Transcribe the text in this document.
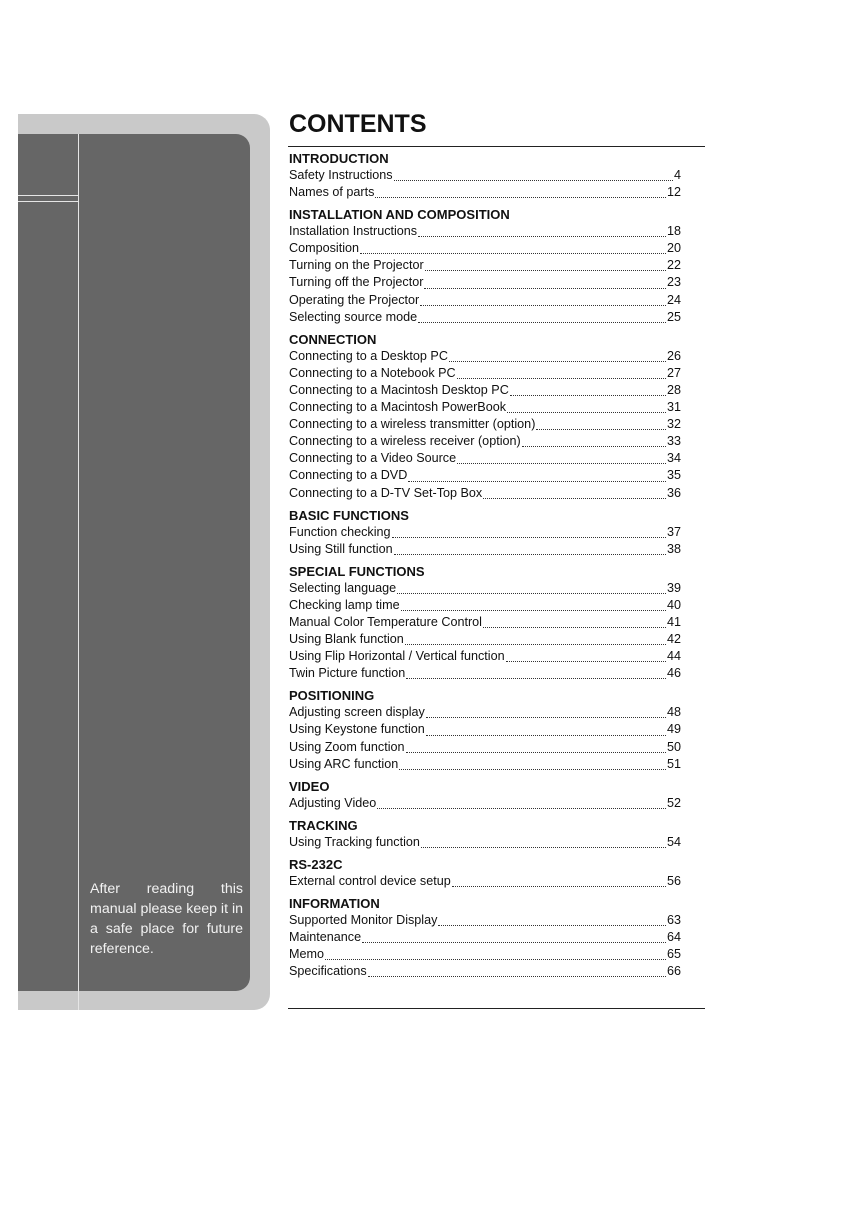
After reading this manual please keep it in a safe place for future reference.
CONTENTS
INTRODUCTION
Safety Instructions	4
Names of parts	12
INSTALLATION AND COMPOSITION
Installation Instructions	18
Composition	20
Turning on the Projector	22
Turning off the Projector	23
Operating the Projector	24
Selecting source mode	25
CONNECTION
Connecting to a Desktop PC	26
Connecting to a Notebook PC	27
Connecting to a Macintosh Desktop PC	28
Connecting to a Macintosh PowerBook	31
Connecting to a wireless transmitter (option)	32
Connecting to a wireless receiver (option)	33
Connecting to a Video Source	34
Connecting to a DVD	35
Connecting to a D-TV Set-Top Box	36
BASIC FUNCTIONS
Function checking	37
Using Still function	38
SPECIAL FUNCTIONS
Selecting language	39
Checking lamp time	40
Manual Color Temperature Control	41
Using Blank function	42
Using Flip Horizontal / Vertical function	44
Twin Picture function	46
POSITIONING
Adjusting screen display	48
Using Keystone function	49
Using Zoom function	50
Using ARC function	51
VIDEO
Adjusting Video	52
TRACKING
Using Tracking function	54
RS-232C
External control device setup	56
INFORMATION
Supported Monitor Display	63
Maintenance	64
Memo	65
Specifications	66
